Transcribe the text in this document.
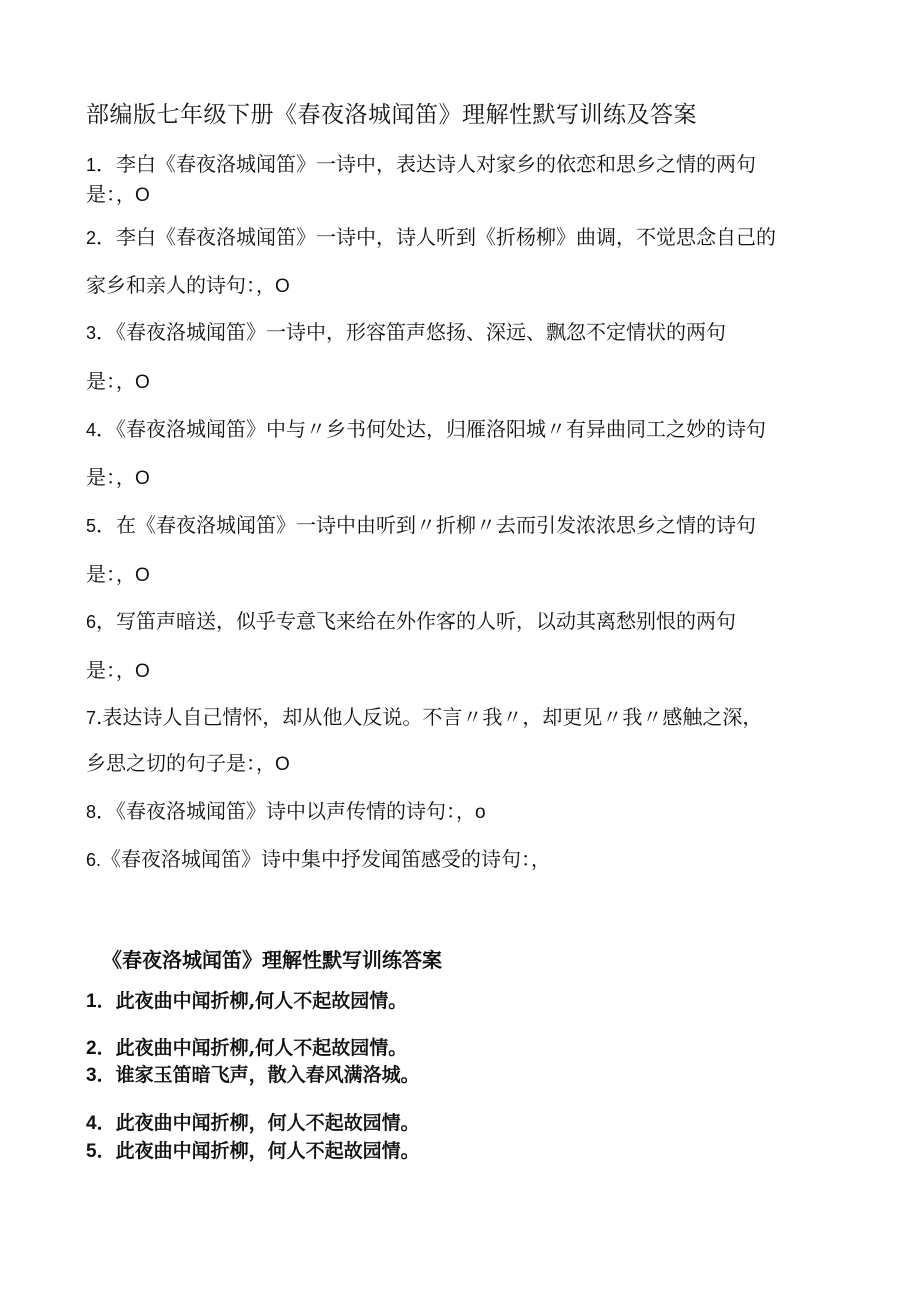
部编版七年级下册《春夜洛城闻笛》理解性默写训练及答案
1．李白《春夜洛城闻笛》一诗中，表达诗人对家乡的依恋和思乡之情的两句
是：，O
2．李白《春夜洛城闻笛》一诗中，诗人听到《折杨柳》曲调，不觉思念自己的
家乡和亲人的诗句：，O
3．《春夜洛城闻笛》一诗中，形容笛声悠扬、深远、飘忽不定情状的两句
是：，O
4．《春夜洛城闻笛》中与〃乡书何处达，归雁洛阳城〃有异曲同工之妙的诗句
是：，O
5．在《春夜洛城闻笛》一诗中由听到〃折柳〃去而引发浓浓思乡之情的诗句
是：，O
6，写笛声暗送，似乎专意飞来给在外作客的人听，以动其离愁别恨的两句
是：，O
7.表达诗人自己情怀，却从他人反说。不言〃我〃，却更见〃我〃感触之深，
乡思之切的句子是：，O
8．《春夜洛城闻笛》诗中以声传情的诗句：，o
6.《春夜洛城闻笛》诗中集中抒发闻笛感受的诗句：，
《春夜洛城闻笛》理解性默写训练答案
1．此夜曲中闻折柳,何人不起故园情。
2．此夜曲中闻折柳,何人不起故园情。
3．谁家玉笛暗飞声，散入春风满洛城。
4．此夜曲中闻折柳，何人不起故园情。
5．此夜曲中闻折柳，何人不起故园情。
